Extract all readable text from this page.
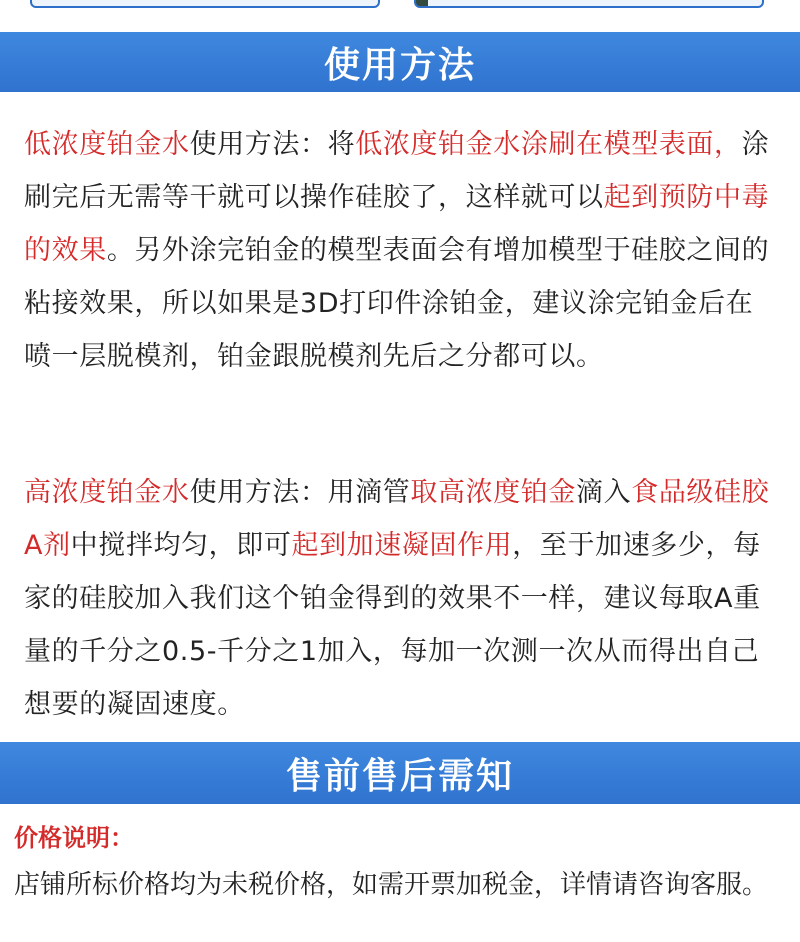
使用方法

低浓度铂金水使用方法：将低浓度铂金水涂刷在模型表面，涂刷完后无需等干就可以操作硅胶了，这样就可以起到预防中毒的效果。另外涂完铂金的模型表面会有增加模型于硅胶之间的粘接效果，所以如果是3D打印件涂铂金，建议涂完铂金后在喷一层脱模剂，铂金跟脱模剂先后之分都可以。

高浓度铂金水使用方法：用滴管取高浓度铂金滴入食品级硅胶A剂中搅拌均匀，即可起到加速凝固作用，至于加速多少，每家的硅胶加入我们这个铂金得到的效果不一样，建议每取A重量的千分之0.5-千分之1加入，每加一次测一次从而得出自己想要的凝固速度。

售前售后需知

价格说明：

店铺所标价格均为未税价格，如需开票加税金，详情请咨询客服。
